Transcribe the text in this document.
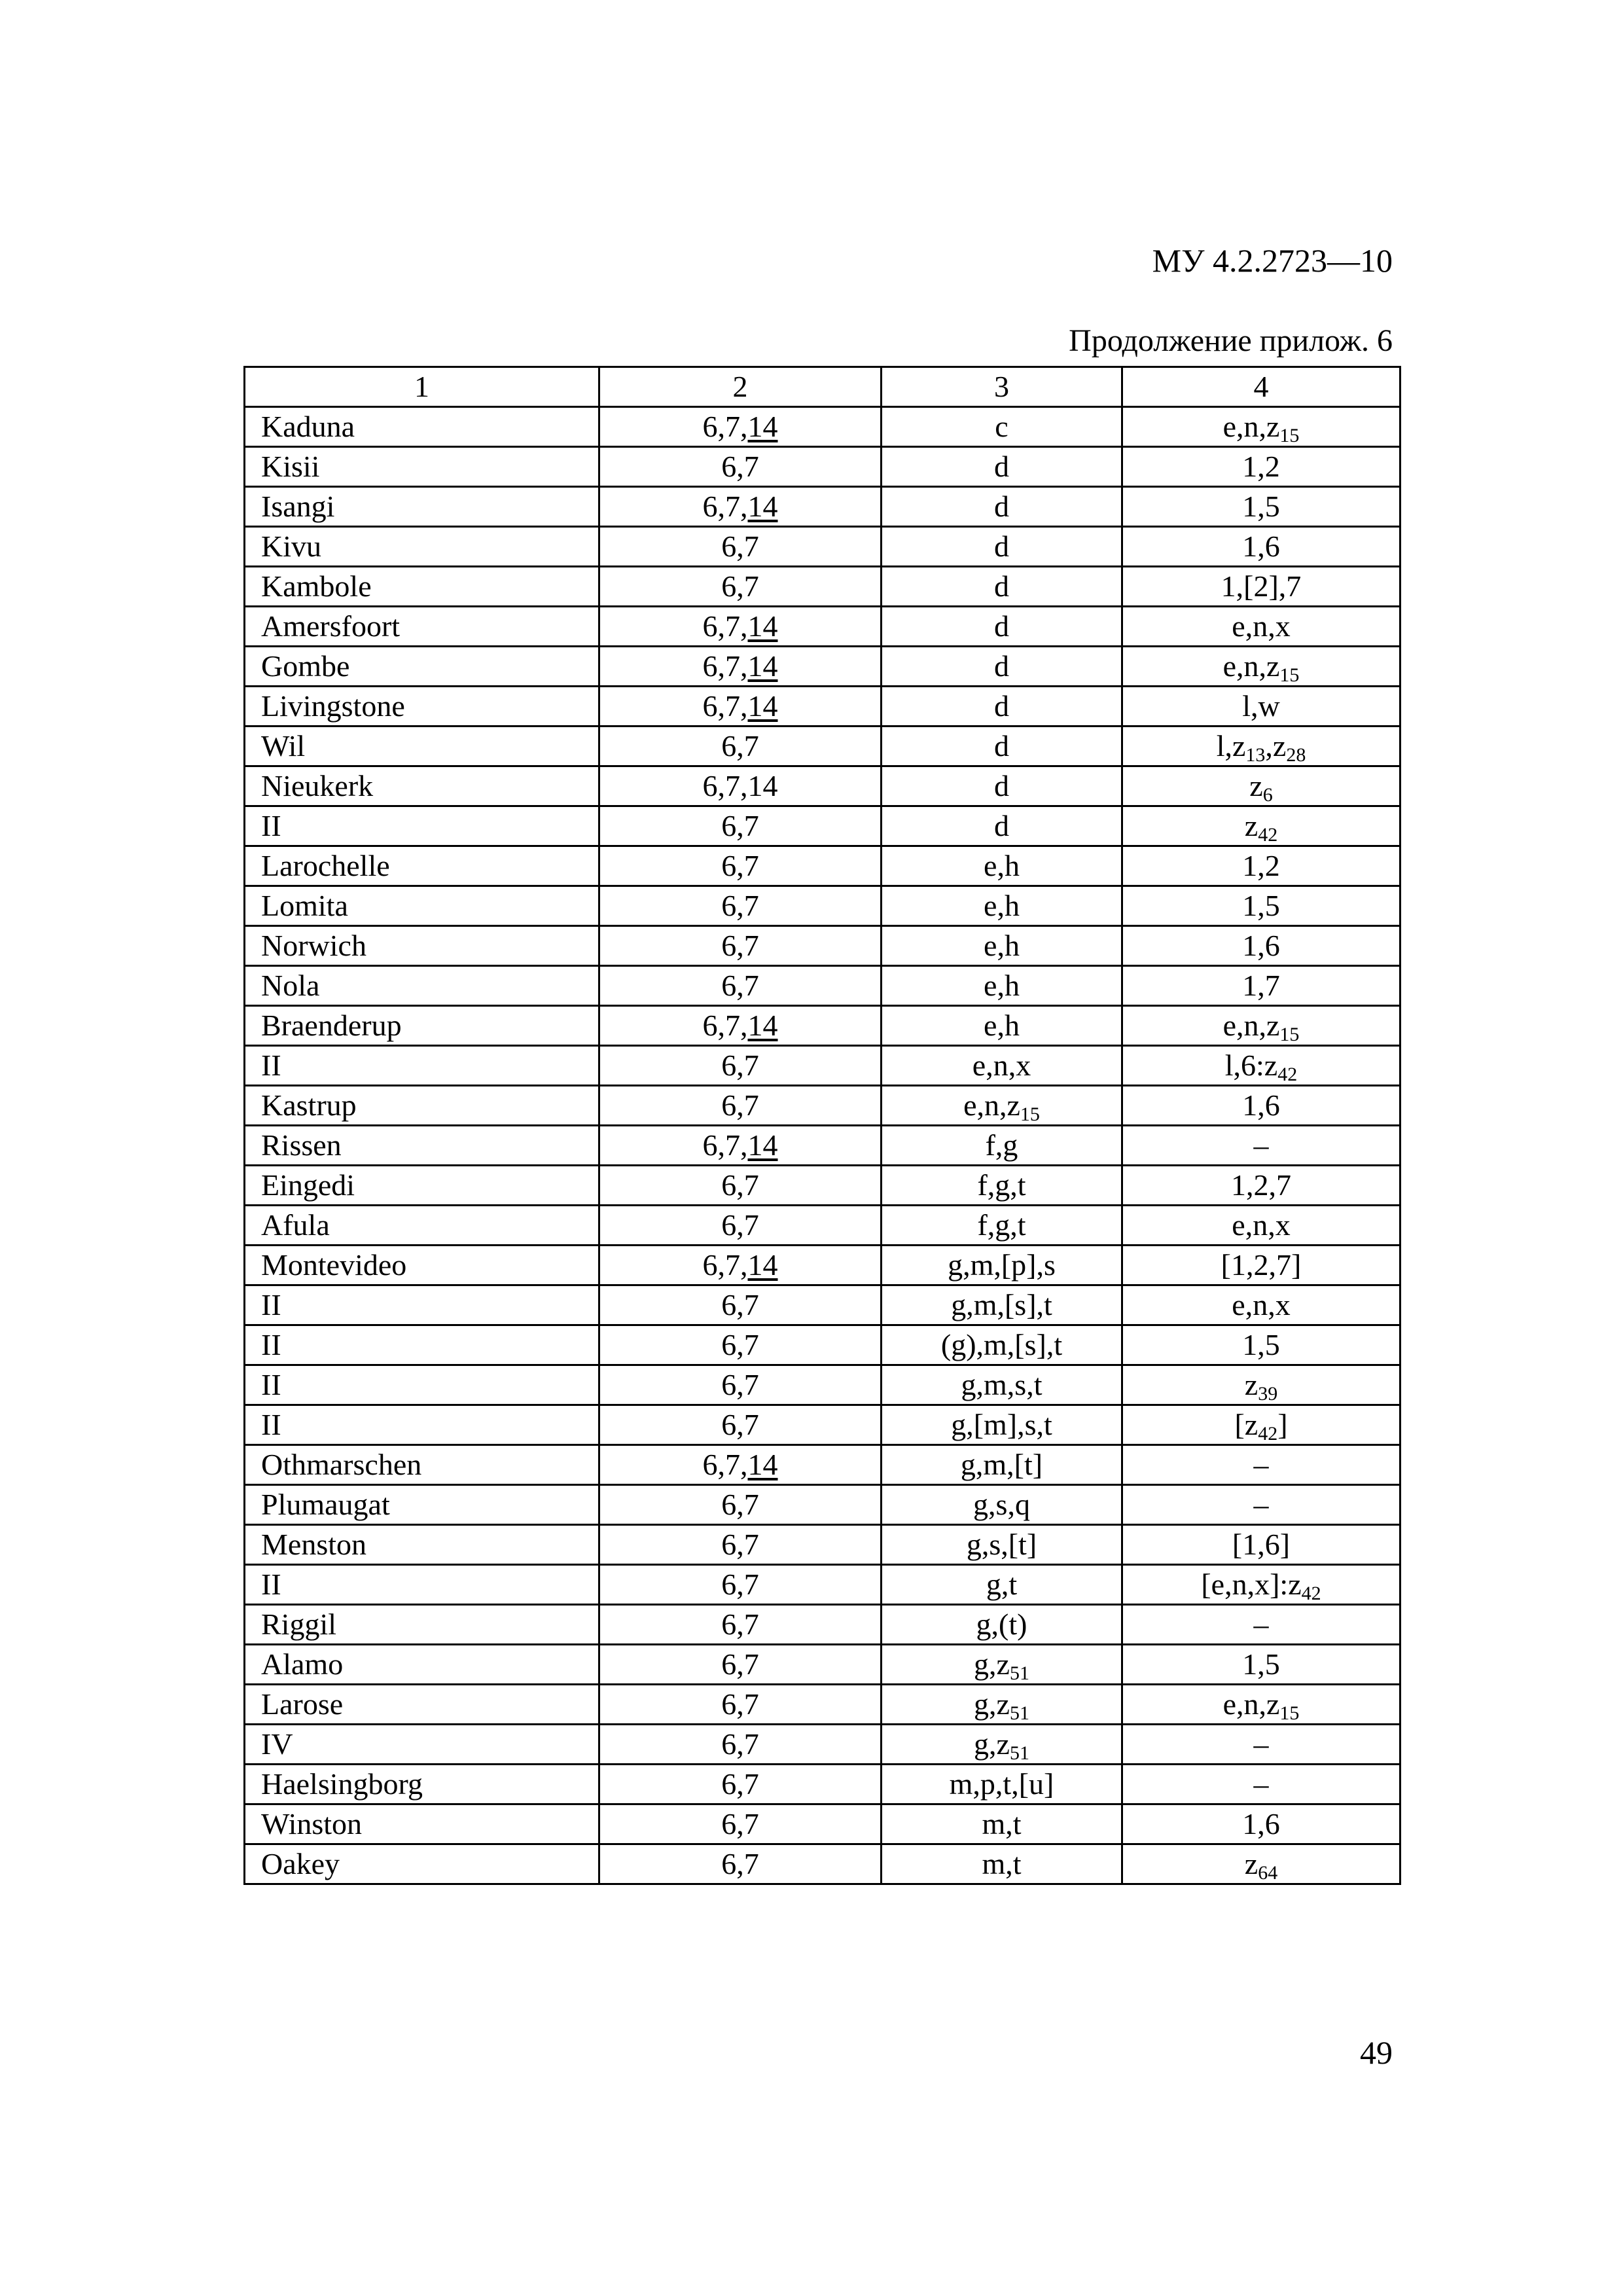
МУ 4.2.2723—10
Продолжение прилож. 6
1	2	3	4
Kaduna	6,7,14	c	$e,n,z_{15}$
Kisii	6,7	d	1,2
Isangi	6,7,14	d	1,5
Kivu	6,7	d	1,6
Kambole	6,7	d	1,[2],7
Amersfoort	6,7,14	d	e,n,x
Gombe	6,7,14	d	$e,n,z_{15}$
Livingstone	6,7,14	d	l,w
Wil	6,7	d	$l,z_{13},z_{28}$
Nieukerk	6,7,14	d	$z_6$
II	6,7	d	$z_{42}$
Larochelle	6,7	e,h	1,2
Lomita	6,7	e,h	1,5
Norwich	6,7	e,h	1,6
Nola	6,7	e,h	1,7
Braenderup	6,7,14	e,h	$e,n,z_{15}$
II	6,7	e,n,x	$l,6:z_{42}$
Kastrup	6,7	$e,n,z_{15}$	1,6
Rissen	6,7,14	f,g	–
Eingedi	6,7	f,g,t	1,2,7
Afula	6,7	f,g,t	e,n,x
Montevideo	6,7,14	g,m,[p],s	[1,2,7]
II	6,7	g,m,[s],t	e,n,x
II	6,7	(g),m,[s],t	1,5
II	6,7	g,m,s,t	$z_{39}$
II	6,7	g,[m],s,t	$[z_{42}]$
Othmarschen	6,7,14	g,m,[t]	–
Plumaugat	6,7	g,s,q	–
Menston	6,7	g,s,[t]	[1,6]
II	6,7	g,t	$[e,n,x]:z_{42}$
Riggil	6,7	g,(t)	–
Alamo	6,7	$g,z_{51}$	1,5
Larose	6,7	$g,z_{51}$	$e,n,z_{15}$
IV	6,7	$g,z_{51}$	–
Haelsingborg	6,7	m,p,t,[u]	–
Winston	6,7	m,t	1,6
Oakey	6,7	m,t	$z_{64}$
49
